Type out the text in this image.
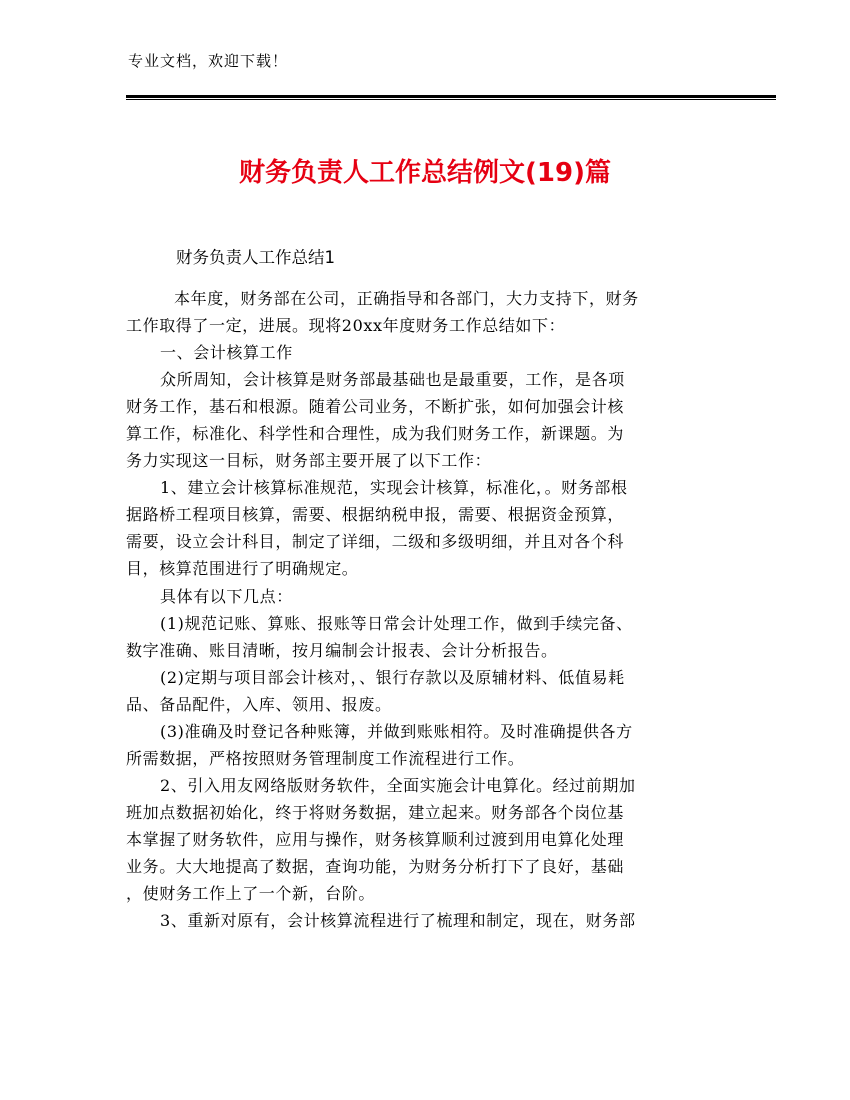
专业文档，欢迎下载！
财务负责人工作总结例文(19)篇
财务负责人工作总结1
本年度，财务部在公司，正确指导和各部门，大力支持下，财务
工作取得了一定，进展。现将20xx年度财务工作总结如下：
一、会计核算工作
众所周知，会计核算是财务部最基础也是最重要，工作，是各项
财务工作，基石和根源。随着公司业务，不断扩张，如何加强会计核
算工作，标准化、科学性和合理性，成为我们财务工作，新课题。为
务力实现这一目标，财务部主要开展了以下工作：
1、建立会计核算标准规范，实现会计核算，标准化，。财务部根
据路桥工程项目核算，需要、根据纳税申报，需要、根据资金预算，
需要，设立会计科目，制定了详细，二级和多级明细，并且对各个科
目，核算范围进行了明确规定。
具体有以下几点：
(1)规范记账、算账、报账等日常会计处理工作，做到手续完备、
数字准确、账目清晰，按月编制会计报表、会计分析报告。
(2)定期与项目部会计核对，、银行存款以及原辅材料、低值易耗
品、备品配件，入库、领用、报废。
(3)准确及时登记各种账簿，并做到账账相符。及时准确提供各方
所需数据，严格按照财务管理制度工作流程进行工作。
2、引入用友网络版财务软件，全面实施会计电算化。经过前期加
班加点数据初始化，终于将财务数据，建立起来。财务部各个岗位基
本掌握了财务软件，应用与操作，财务核算顺利过渡到用电算化处理
业务。大大地提高了数据，查询功能，为财务分析打下了良好，基础
，使财务工作上了一个新，台阶。
3、重新对原有，会计核算流程进行了梳理和制定，现在，财务部
